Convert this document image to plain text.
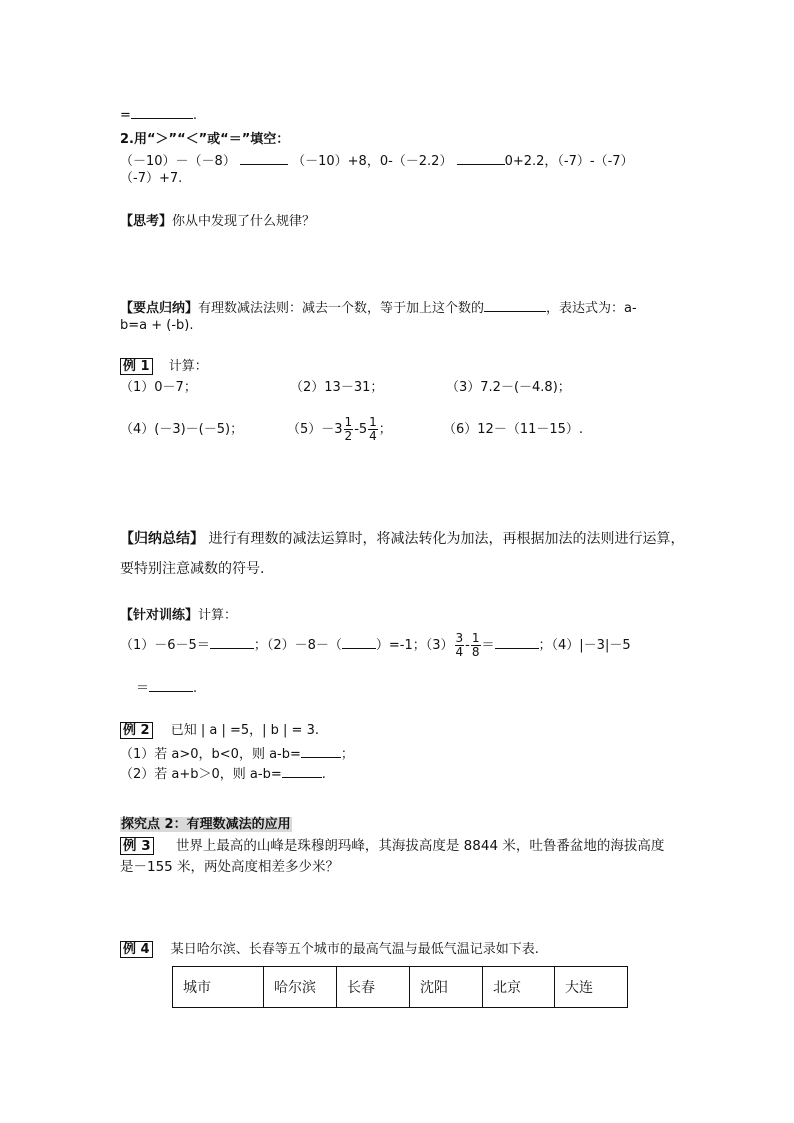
=	.
2.用“＞”“＜”或“＝”填空：
（－10）－（－8）	（－10）+8，0-（－2.2）	0+2.2，（-7）-（-7）
（-7）+7.
【思考】你从中发现了什么规律？
【要点归纳】有理数减法法则：减去一个数，等于加上这个数的	，表达式为：a-
b=a + (-b).
例 1 计算：
（1）0－7；	（2）13－31；	（3）7.2－(－4.8)；
（4）(－3)－(－5)；	$(5)-3 \frac{1}{2} -5 \frac{1}{4}$ ；	（6）12－（11－15）.
【归纳总结】 进行有理数的减法运算时，将减法转化为加法，再根据加法的法则进行运算，
要特别注意减数的符号.
【针对训练】计算：
（1）－6－5＝	；（2）－8－（	）=-1；$(3) \frac{3}{4} - \frac{1}{8}$ ＝	；（4）|－3|－5
＝	.
例 2 已知 | a | =5，| b | = 3.
（1）若 a>0，b<0，则 a-b=	；
（2）若 a+b＞0，则 a-b=	.
探究点 2：有理数减法的应用
例 3 世界上最高的山峰是珠穆朗玛峰，其海拔高度是 8844 米，吐鲁番盆地的海拔高度
是－155 米，两处高度相差多少米？
例 4 某日哈尔滨、长春等五个城市的最高气温与最低气温记录如下表.
城市	哈尔滨	长春	沈阳	北京	大连
